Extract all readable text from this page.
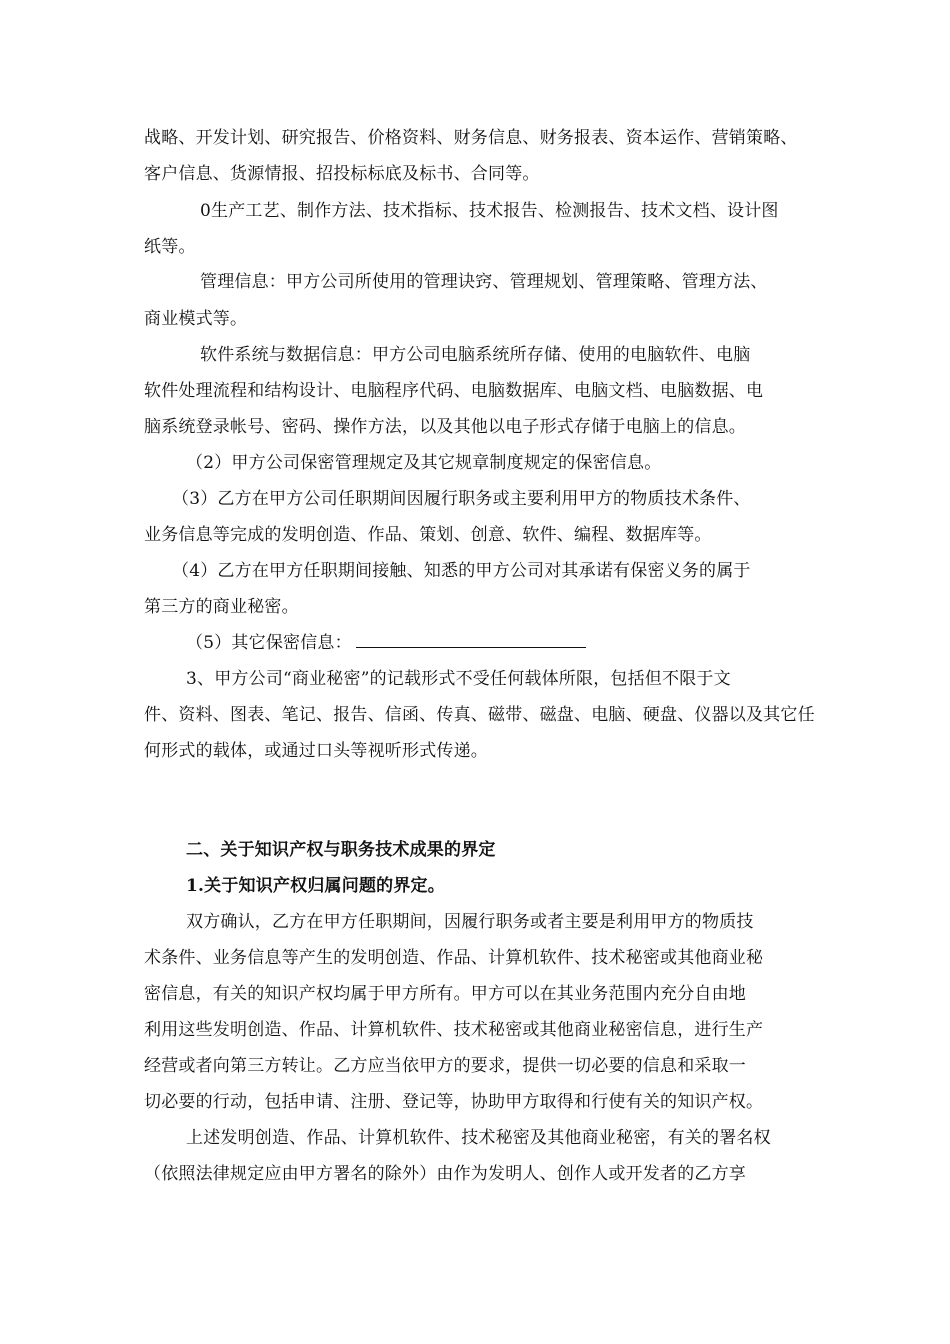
战略、开发计划、研究报告、价格资料、财务信息、财务报表、资本运作、营销策略、
客户信息、货源情报、招投标标底及标书、合同等。
0生产工艺、制作方法、技术指标、技术报告、检测报告、技术文档、设计图
纸等。
管理信息：甲方公司所使用的管理诀窍、管理规划、管理策略、管理方法、
商业模式等。
软件系统与数据信息：甲方公司电脑系统所存储、使用的电脑软件、电脑
软件处理流程和结构设计、电脑程序代码、电脑数据库、电脑文档、电脑数据、电
脑系统登录帐号、密码、操作方法，以及其他以电子形式存储于电脑上的信息。
（2）甲方公司保密管理规定及其它规章制度规定的保密信息。
（3）乙方在甲方公司任职期间因履行职务或主要利用甲方的物质技术条件、
业务信息等完成的发明创造、作品、策划、创意、软件、编程、数据库等。
（4）乙方在甲方任职期间接触、知悉的甲方公司对其承诺有保密义务的属于
第三方的商业秘密。
（5）其它保密信息：
3、甲方公司“商业秘密”的记载形式不受任何载体所限，包括但不限于文
件、资料、图表、笔记、报告、信函、传真、磁带、磁盘、电脑、硬盘、仪器以及其它任
何形式的载体，或通过口头等视听形式传递。
二、关于知识产权与职务技术成果的界定
1.关于知识产权归属问题的界定。
双方确认，乙方在甲方任职期间，因履行职务或者主要是利用甲方的物质技
术条件、业务信息等产生的发明创造、作品、计算机软件、技术秘密或其他商业秘
密信息，有关的知识产权均属于甲方所有。甲方可以在其业务范围内充分自由地
利用这些发明创造、作品、计算机软件、技术秘密或其他商业秘密信息，进行生产
经营或者向第三方转让。乙方应当依甲方的要求，提供一切必要的信息和采取一
切必要的行动，包括申请、注册、登记等，协助甲方取得和行使有关的知识产权。
上述发明创造、作品、计算机软件、技术秘密及其他商业秘密，有关的署名权
（依照法律规定应由甲方署名的除外）由作为发明人、创作人或开发者的乙方享
